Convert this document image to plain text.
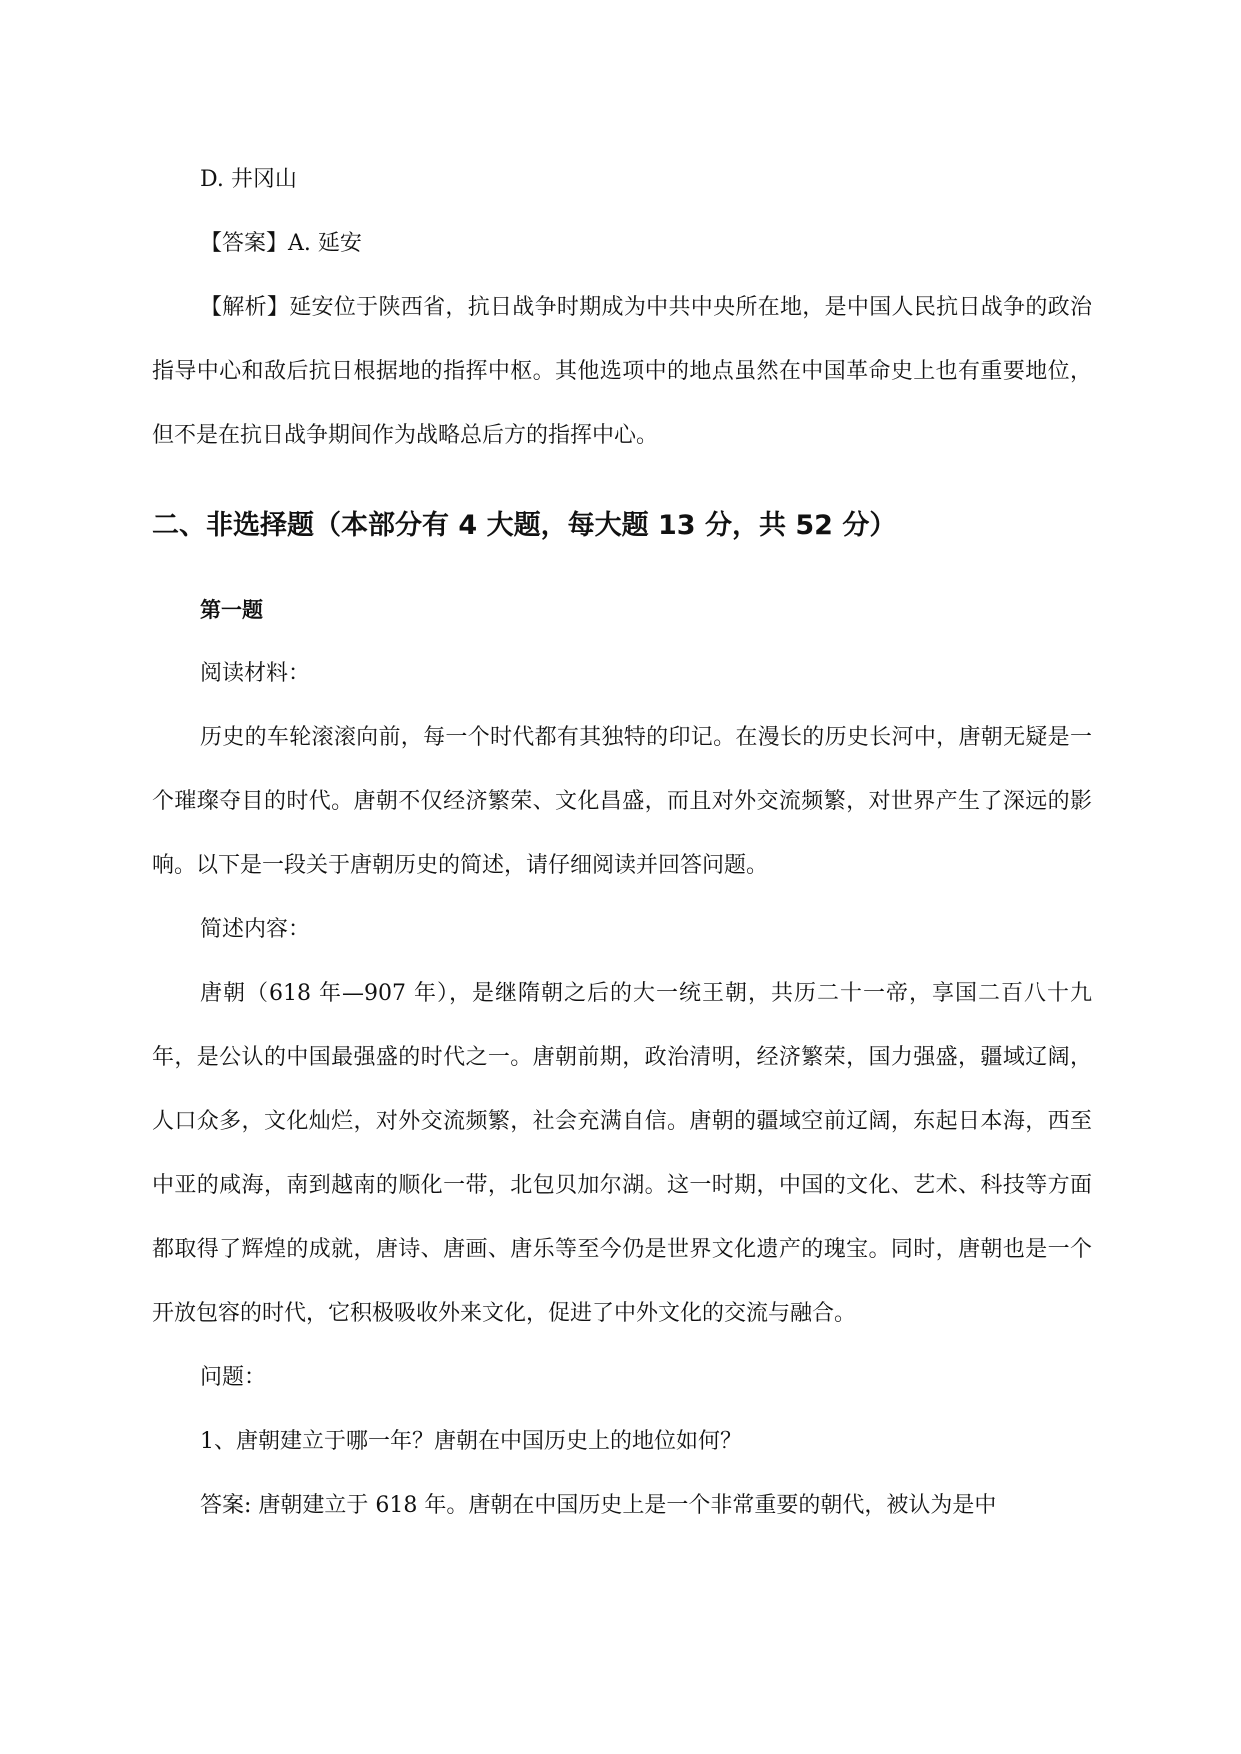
D. 井冈山

【答案】A. 延安

【解析】延安位于陕西省，抗日战争时期成为中共中央所在地，是中国人民抗日战争的政治指导中心和敌后抗日根据地的指挥中枢。其他选项中的地点虽然在中国革命史上也有重要地位，但不是在抗日战争期间作为战略总后方的指挥中心。

二、非选择题（本部分有 4 大题，每大题 13 分，共 52 分）

第一题

阅读材料：

历史的车轮滚滚向前，每一个时代都有其独特的印记。在漫长的历史长河中，唐朝无疑是一个璀璨夺目的时代。唐朝不仅经济繁荣、文化昌盛，而且对外交流频繁，对世界产生了深远的影响。以下是一段关于唐朝历史的简述，请仔细阅读并回答问题。

简述内容：

唐朝（618 年—907 年），是继隋朝之后的大一统王朝，共历二十一帝，享国二百八十九年，是公认的中国最强盛的时代之一。唐朝前期，政治清明，经济繁荣，国力强盛，疆域辽阔，人口众多，文化灿烂，对外交流频繁，社会充满自信。唐朝的疆域空前辽阔，东起日本海，西至中亚的咸海，南到越南的顺化一带，北包贝加尔湖。这一时期，中国的文化、艺术、科技等方面都取得了辉煌的成就，唐诗、唐画、唐乐等至今仍是世界文化遗产的瑰宝。同时，唐朝也是一个开放包容的时代，它积极吸收外来文化，促进了中外文化的交流与融合。

问题：

1、唐朝建立于哪一年？唐朝在中国历史上的地位如何？

答案: 唐朝建立于 618 年。唐朝在中国历史上是一个非常重要的朝代，被认为是中
